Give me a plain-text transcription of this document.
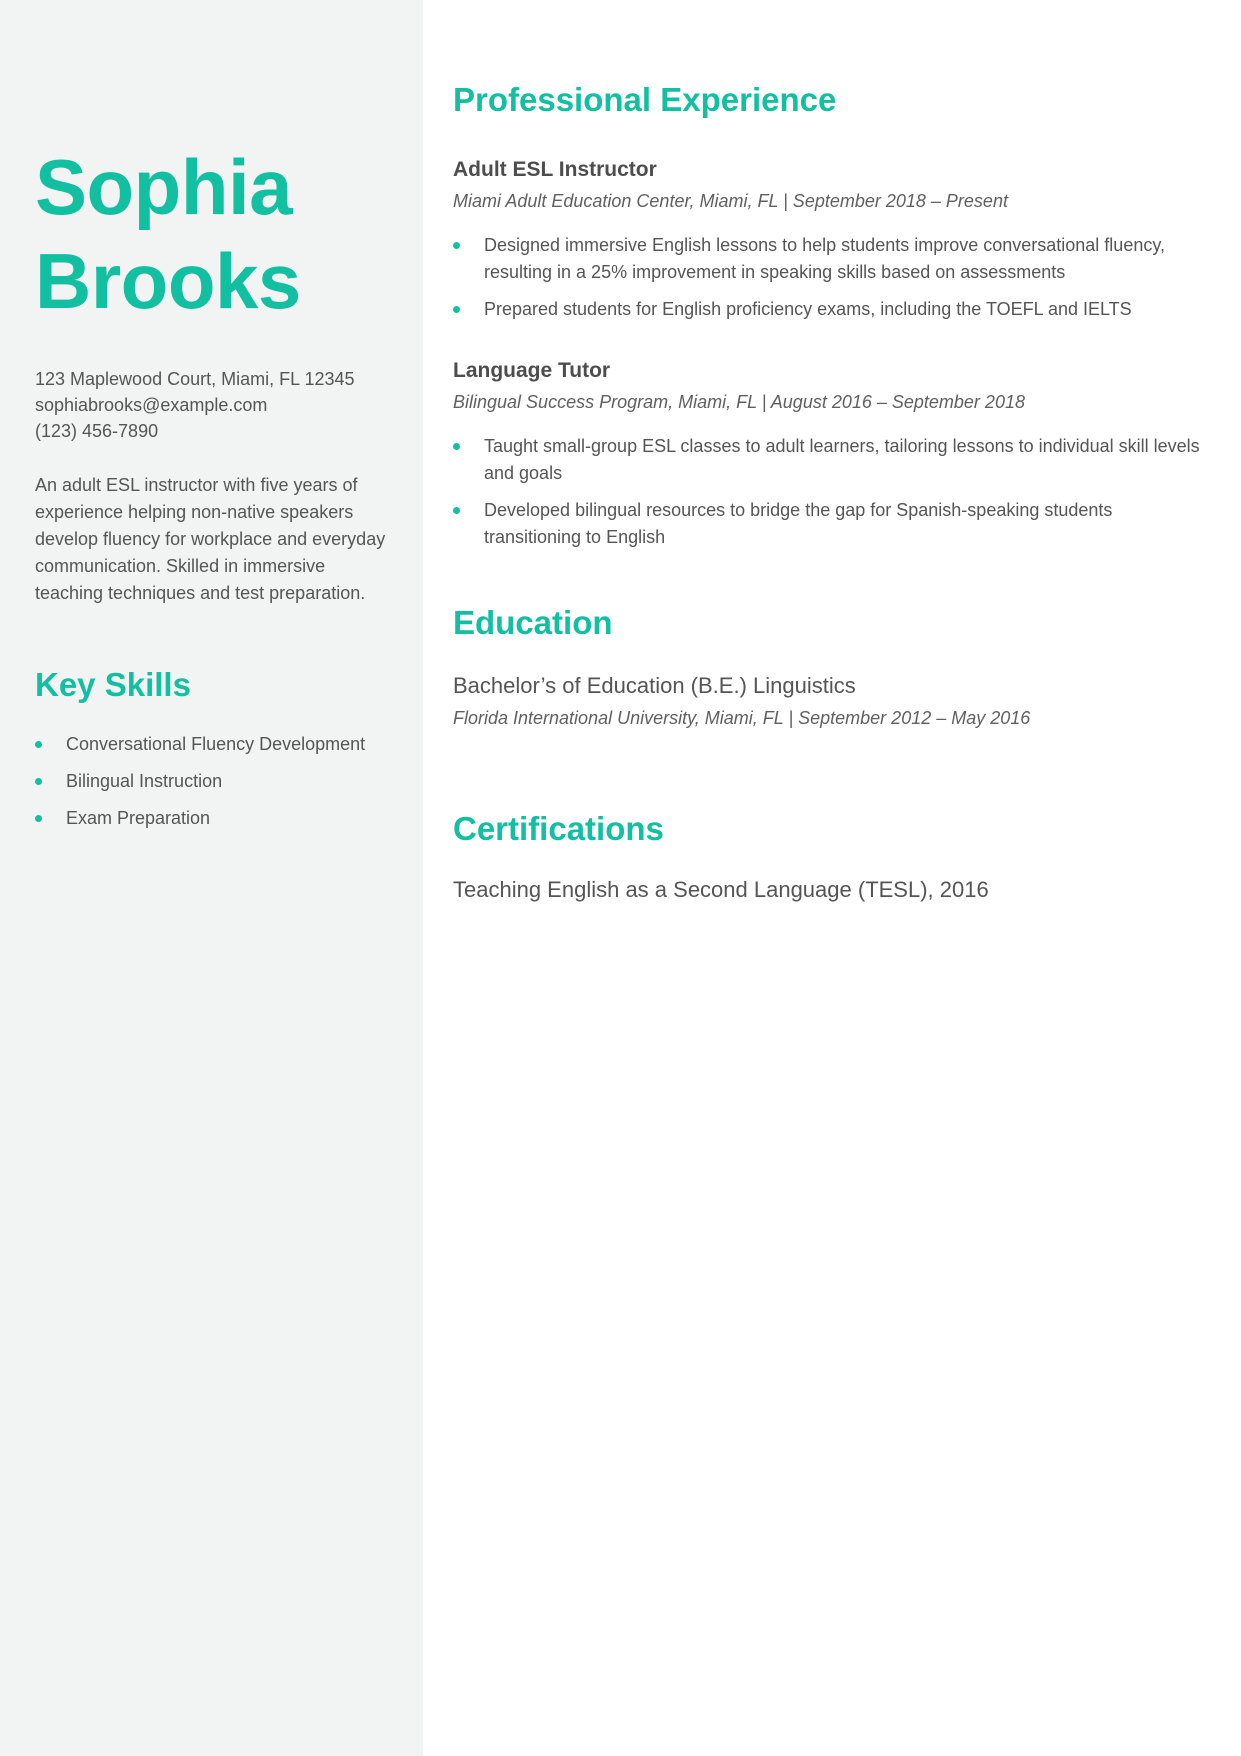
Sophia
Brooks
123 Maplewood Court, Miami, FL 12345
sophiabrooks@example.com
(123) 456-7890

An adult ESL instructor with five years of experience helping non-native speakers develop fluency for workplace and everyday communication. Skilled in immersive teaching techniques and test preparation.

Key Skills
Conversational Fluency Development
Bilingual Instruction
Exam Preparation
Professional Experience
Adult ESL Instructor
Miami Adult Education Center, Miami, FL | September 2018 – Present
Designed immersive English lessons to help students improve conversational fluency, resulting in a 25% improvement in speaking skills based on assessments
Prepared students for English proficiency exams, including the TOEFL and IELTS
Language Tutor
Bilingual Success Program, Miami, FL | August 2016 – September 2018
Taught small-group ESL classes to adult learners, tailoring lessons to individual skill levels and goals
Developed bilingual resources to bridge the gap for Spanish-speaking students transitioning to English
Education
Bachelor’s of Education (B.E.) Linguistics
Florida International University, Miami, FL | September 2012 – May 2016
Certifications
Teaching English as a Second Language (TESL), 2016
